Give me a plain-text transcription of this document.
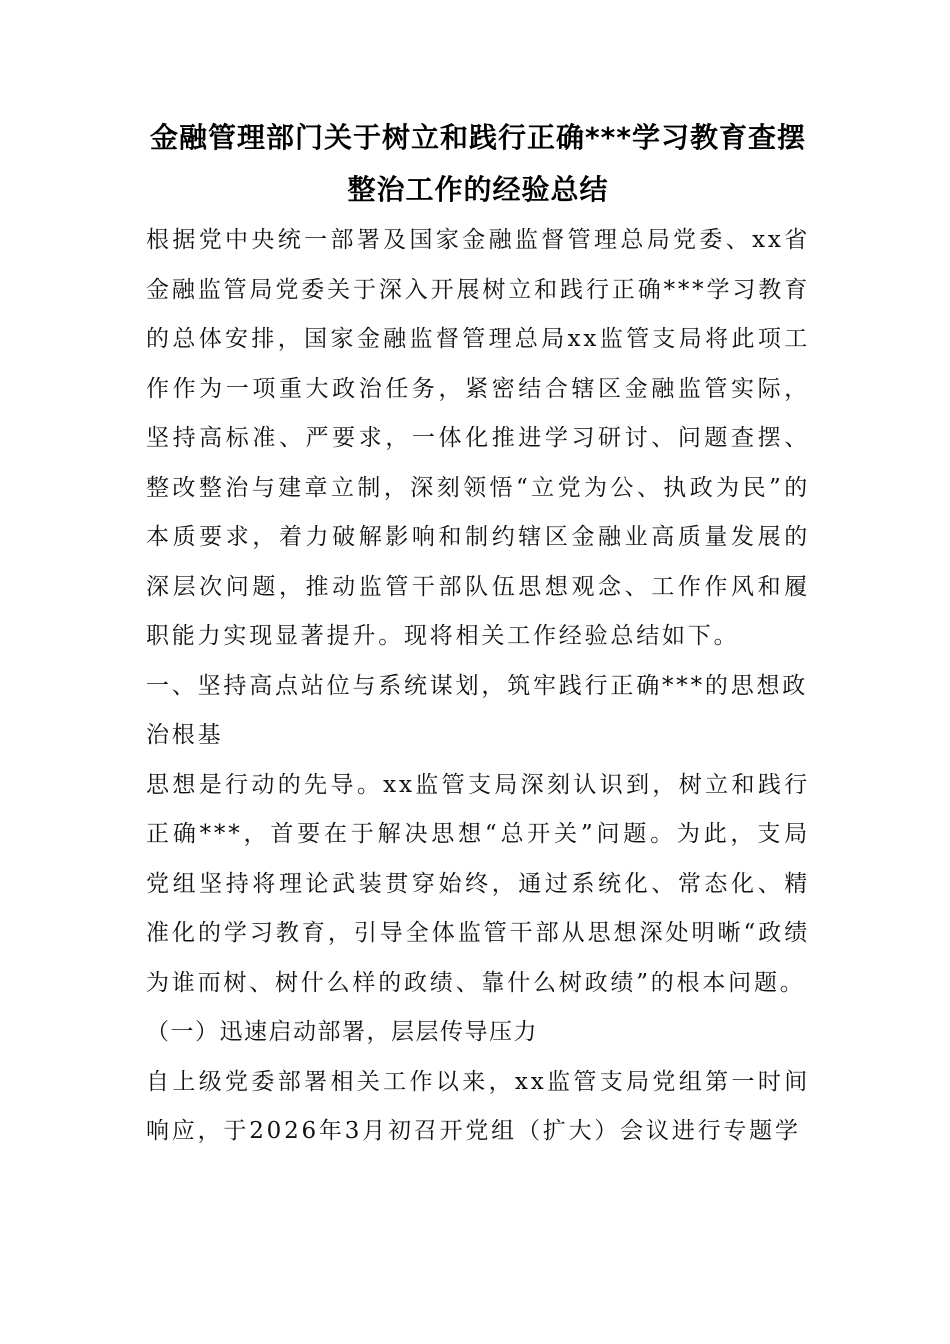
金融管理部门关于树立和践行正确***学习教育查摆
整治工作的经验总结

根据党中央统一部署及国家金融监督管理总局党委、xx省金融监管局党委关于深入开展树立和践行正确***学习教育的总体安排，国家金融监督管理总局xx监管支局将此项工作作为一项重大政治任务，紧密结合辖区金融监管实际，坚持高标准、严要求，一体化推进学习研讨、问题查摆、整改整治与建章立制，深刻领悟“立党为公、执政为民”的本质要求，着力破解影响和制约辖区金融业高质量发展的深层次问题，推动监管干部队伍思想观念、工作作风和履职能力实现显著提升。现将相关工作经验总结如下。

一、坚持高点站位与系统谋划，筑牢践行正确***的思想政治根基

思想是行动的先导。xx监管支局深刻认识到，树立和践行正确***，首要在于解决思想“总开关”问题。为此，支局党组坚持将理论武装贯穿始终，通过系统化、常态化、精准化的学习教育，引导全体监管干部从思想深处明晰“政绩为谁而树、树什么样的政绩、靠什么树政绩”的根本问题。

（一）迅速启动部署，层层传导压力

自上级党委部署相关工作以来，xx监管支局党组第一时间响应，于2026年3月初召开党组（扩大）会议进行专题学
